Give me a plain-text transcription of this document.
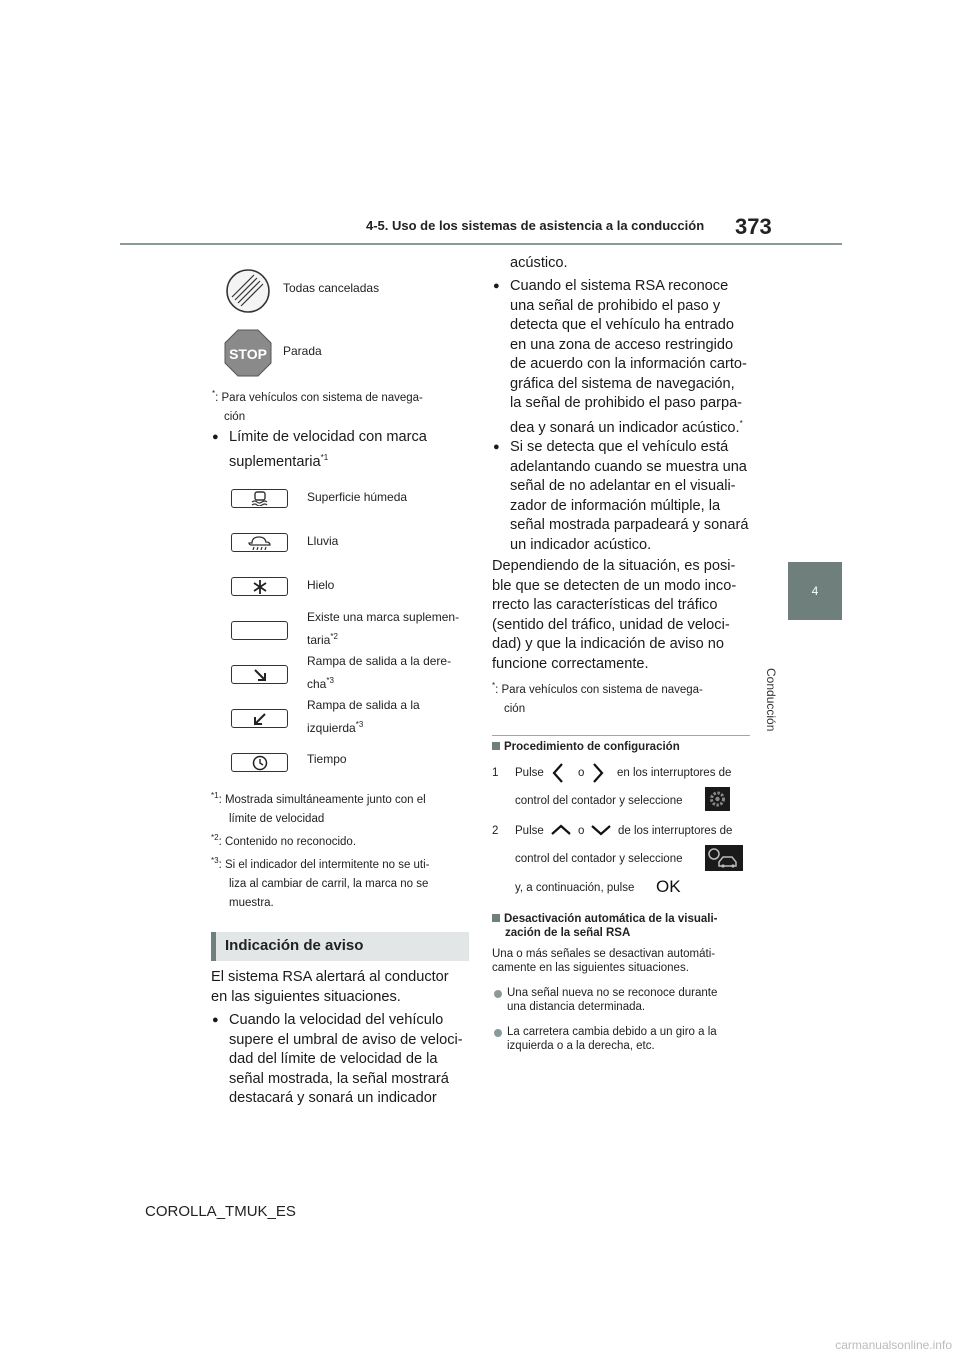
4-5. Uso de los sistemas de asistencia a la conducción 373
4
Conducción
Todas canceladas
STOP Parada
*: Para vehículos con sistema de navega-
ción
● Límite de velocidad con marca
suplementaria$^{*1}$
Superficie húmeda
Lluvia
Hielo
Existe una marca suplemen-
taria$^{*2}$
Rampa de salida a la dere-
cha$^{*3}$
Rampa de salida a la
izquierda$^{*3}$
Tiempo
$^{*1}$: Mostrada simultáneamente junto con el
límite de velocidad
$^{*2}$: Contenido no reconocido.
$^{*3}$: Si el indicador del intermitente no se uti-
liza al cambiar de carril, la marca no se
muestra.
Indicación de aviso
El sistema RSA alertará al conductor
en las siguientes situaciones.
● Cuando la velocidad del vehículo
supere el umbral de aviso de veloci-
dad del límite de velocidad de la
señal mostrada, la señal mostrará
destacará y sonará un indicador
acústico.
● Cuando el sistema RSA reconoce
una señal de prohibido el paso y
detecta que el vehículo ha entrado
en una zona de acceso restringido
de acuerdo con la información carto-
gráfica del sistema de navegación,
la señal de prohibido el paso parpa-
dea y sonará un indicador acústico.*
● Si se detecta que el vehículo está
adelantando cuando se muestra una
señal de no adelantar en el visuali-
zador de información múltiple, la
señal mostrada parpadeará y sonará
un indicador acústico.
Dependiendo de la situación, es posi-
ble que se detecten de un modo inco-
rrecto las características del tráfico
(sentido del tráfico, unidad de veloci-
dad) y que la indicación de aviso no
funcione correctamente.
*: Para vehículos con sistema de navega-
ción
Procedimiento de configuración
1 Pulse	o	en los interruptores de
control del contador y seleccione
2 Pulse	o	de los interruptores de
control del contador y seleccione
y, a continuación, pulse OK
Desactivación automática de la visuali-
zación de la señal RSA
Una o más señales se desactivan automáti-
camente en las siguientes situaciones.
Una señal nueva no se reconoce durante
una distancia determinada.
La carretera cambia debido a un giro a la
izquierda o a la derecha, etc.
COROLLA_TMUK_ES
carmanualsonline.info
